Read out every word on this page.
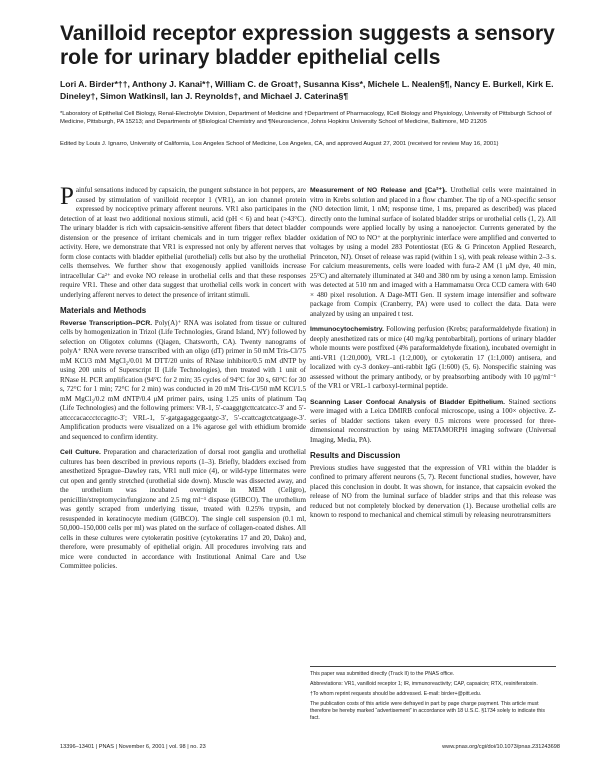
Vanilloid receptor expression suggests a sensory role for urinary bladder epithelial cells

Lori A. Birder*††, Anthony J. Kanai*†, William C. de Groat†, Susanna Kiss*, Michele L. Nealen§¶, Nancy E. Burke‖, Kirk E. Dineley†, Simon Watkins‖, Ian J. Reynolds†, and Michael J. Caterina§¶

*Laboratory of Epithelial Cell Biology, Renal-Electrolyte Division, Department of Medicine and †Department of Pharmacology, ‖Cell Biology and Physiology, University of Pittsburgh School of Medicine, Pittsburgh, PA 15213; and Departments of §Biological Chemistry and ¶Neuroscience, Johns Hopkins University School of Medicine, Baltimore, MD 21205

Edited by Louis J. Ignarro, University of California, Los Angeles School of Medicine, Los Angeles, CA, and approved August 27, 2001 (received for review May 16, 2001)

Painful sensations induced by capsaicin, the pungent substance in hot peppers, are caused by stimulation of vanilloid receptor 1 (VR1), an ion channel protein expressed by nociceptive primary afferent neurons. VR1 also participates in the detection of at least two additional noxious stimuli, acid (pH < 6) and heat (>43°C). The urinary bladder is rich with capsaicin-sensitive afferent fibers that detect bladder distension or the presence of irritant chemicals and in turn trigger reflex bladder activity. Here, we demonstrate that VR1 is expressed not only by afferent nerves that form close contacts with bladder epithelial (urothelial) cells but also by the urothelial cells themselves. We further show that exogenously applied vanilloids increase intracellular Ca²⁺ and evoke NO release in urothelial cells and that these responses require VR1. These and other data suggest that urothelial cells work in concert with underlying afferent nerves to detect the presence of irritant stimuli.

Materials and Methods

Reverse Transcription–PCR. Poly(A)⁺ RNA was isolated from tissue or cultured cells by homogenization in Trizol (Life Technologies, Grand Island, NY) followed by selection on Oligotex columns (Qiagen, Chatsworth, CA). Twenty nanograms of polyA⁺ RNA were reverse transcribed with an oligo (dT) primer in 50 mM Tris-Cl/75 mM KCl/3 mM MgCl₂/0.01 M DTT/20 units of RNase inhibitor/0.5 mM dNTP by using 200 units of Superscript II (Life Technologies), then treated with 1 unit of RNase H. PCR amplification (94°C for 2 min; 35 cycles of 94°C for 30 s, 60°C for 30 s, 72°C for 1 min; 72°C for 2 min) was conducted in 20 mM Tris-Cl/50 mM KCl/1.5 mM MgCl₂/0.2 mM dNTP/0.4 μM primer pairs, using 1.25 units of platinum Taq (Life Technologies) and the following primers: VR-1, 5′-caaggtgtcttcatcatcc-3′ and 5′-attcccacaccctccagttc-3′; VRL-1, 5′-gatgagaggcgaatgc-3′, 5′-ccattcagtctcatgaage-3′. Amplification products were visualized on a 1% agarose gel with ethidium bromide and sequenced to confirm identity.

Cell Culture. Preparation and characterization of dorsal root ganglia and urothelial cultures has been described in previous reports (1–3). Briefly, bladders excised from anesthetized Sprague–Dawley rats, VR1 null mice (4), or wild-type littermates were cut open and gently stretched (urothelial side down). Muscle was dissected away, and the urothelium was incubated overnight in MEM (Cellgro), penicillin/streptomycin/fungizone and 2.5 mg ml⁻¹ dispase (GIBCO). The urothelium was gently scraped from underlying tissue, treated with 0.25% trypsin, and resuspended in keratinocyte medium (GIBCO). The single cell suspension (0.1 ml, 50,000–150,000 cells per ml) was plated on the surface of collagen-coated dishes. All cells in these cultures were cytokeratin positive (cytokeratins 17 and 20, Dako) and, therefore, were presumably of epithelial origin. All procedures involving rats and mice were conducted in accordance with Institutional Animal Care and Use Committee policies.

Measurement of NO Release and [Ca²⁺]ᵢ. Urothelial cells were maintained in vitro in Krebs solution and placed in a flow chamber. The tip of a NO-specific sensor (NO detection limit, 1 nM; response time, 1 ms, prepared as described) was placed directly onto the luminal surface of isolated bladder strips or urothelial cells (1, 2). All compounds were applied locally by using a nanoejector. Currents generated by the oxidation of NO to NO⁺ at the porphyrinic interface were amplified and converted to voltages by using a model 283 Potentiostat (EG & G Princeton Applied Research, Princeton, NJ). Onset of release was rapid (within 1 s), with peak release within 2–3 s. For calcium measurements, cells were loaded with fura-2 AM (1 μM dye, 40 min, 25°C) and alternately illuminated at 340 and 380 nm by using a xenon lamp. Emission was detected at 510 nm and imaged with a Hammamatsu Orca CCD camera with 640 × 480 pixel resolution. A Dage-MTI Gen. II system image intensifier and software package from Compix (Cranberry, PA) were used to collect the data. Data were analyzed by using an unpaired t test.

Immunocytochemistry. Following perfusion (Krebs; paraformaldehyde fixation) in deeply anesthetized rats or mice (40 mg/kg pentobarbital), portions of urinary bladder whole mounts were postfixed (4% paraformaldehyde fixation), incubated overnight in anti-VR1 (1:20,000), VRL-1 (1:2,000), or cytokeratin 17 (1:1,000) antisera, and localized with cy-3 donkey–anti-rabbit IgG (1:600) (5, 6). Nonspecific staining was assessed without the primary antibody, or by preabsorbing antibody with 10 μg/ml⁻¹ of the VR1 or VRL-1 carboxyl-terminal peptide.

Scanning Laser Confocal Analysis of Bladder Epithelium. Stained sections were imaged with a Leica DMIRB confocal microscope, using a 100× objective. Z-series of bladder sections taken every 0.5 microns were processed for three-dimensional reconstruction by using METAMORPH imaging software (Universal Imaging, Media, PA).

Results and Discussion

Previous studies have suggested that the expression of VR1 within the bladder is confined to primary afferent neurons (5, 7). Recent functional studies, however, have placed this conclusion in doubt. It was shown, for instance, that capsaicin evoked the release of NO from the luminal surface of bladder strips and that this release was reduced but not completely blocked by denervation (1). Because urothelial cells are known to respond to mechanical and chemical stimuli by releasing neurotransmitters

This paper was submitted directly (Track II) to the PNAS office.

Abbreviations: VR1, vanilloid receptor 1; IR, immunoreactivity; CAP, capsaicin; RTX, resiniferatoxin.

†To whom reprint requests should be addressed. E-mail: birder+@pitt.edu.

The publication costs of this article were defrayed in part by page charge payment. This article must therefore be hereby marked “advertisement” in accordance with 18 U.S.C. §1734 solely to indicate this fact.

13396–13401 | PNAS | November 6, 2001 | vol. 98 | no. 23	www.pnas.org/cgi/doi/10.1073/pnas.231243698
